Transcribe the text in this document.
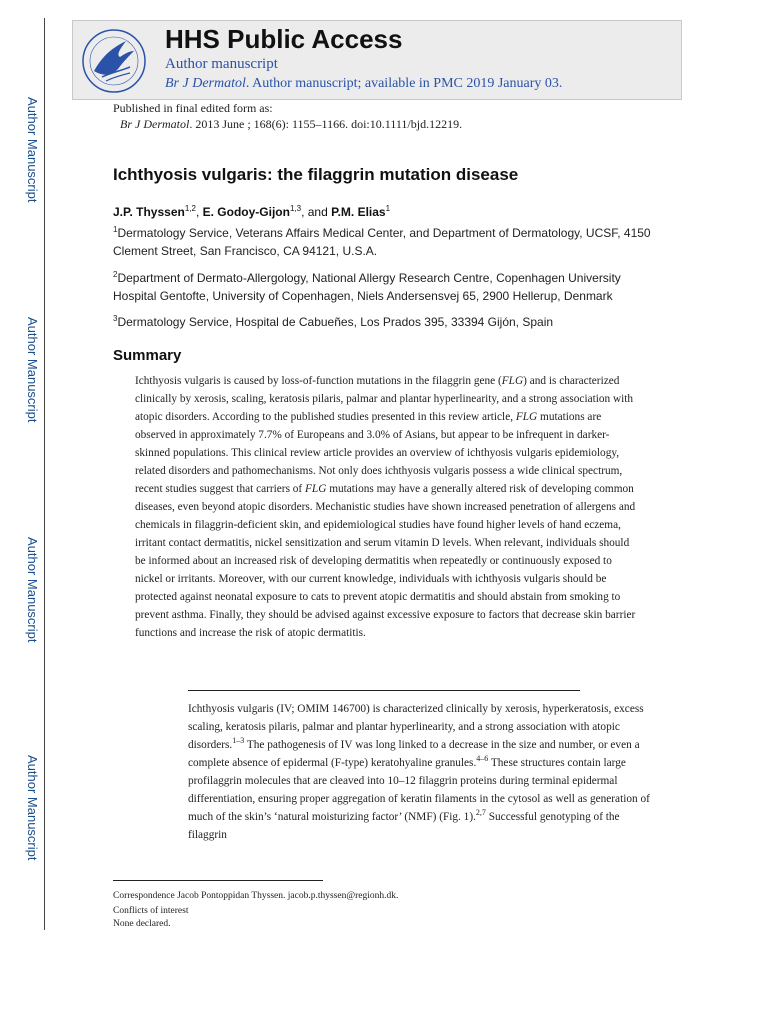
Author Manuscript
Author Manuscript
Author Manuscript
Author Manuscript
HHS Public Access
Author manuscript
Br J Dermatol. Author manuscript; available in PMC 2019 January 03.
Published in final edited form as:
Br J Dermatol. 2013 June ; 168(6): 1155–1166. doi:10.1111/bjd.12219.
Ichthyosis vulgaris: the filaggrin mutation disease
J.P. Thyssen$^{1,2}$, E. Godoy-Gijon$^{1,3}$, and P.M. Elias$^1$
$^1$Dermatology Service, Veterans Affairs Medical Center, and Department of Dermatology, UCSF, 4150 Clement Street, San Francisco, CA 94121, U.S.A.
$^2$Department of Dermato-Allergology, National Allergy Research Centre, Copenhagen University Hospital Gentofte, University of Copenhagen, Niels Andersensvej 65, 2900 Hellerup, Denmark
$^3$Dermatology Service, Hospital de Cabueñes, Los Prados 395, 33394 Gijón, Spain
Summary
Ichthyosis vulgaris is caused by loss-of-function mutations in the filaggrin gene (FLG) and is characterized clinically by xerosis, scaling, keratosis pilaris, palmar and plantar hyperlinearity, and a strong association with atopic disorders. According to the published studies presented in this review article, FLG mutations are observed in approximately 7.7% of Europeans and 3.0% of Asians, but appear to be infrequent in darker-skinned populations. This clinical review article provides an overview of ichthyosis vulgaris epidemiology, related disorders and pathomechanisms. Not only does ichthyosis vulgaris possess a wide clinical spectrum, recent studies suggest that carriers of FLG mutations may have a generally altered risk of developing common diseases, even beyond atopic disorders. Mechanistic studies have shown increased penetration of allergens and chemicals in filaggrin-deficient skin, and epidemiological studies have found higher levels of hand eczema, irritant contact dermatitis, nickel sensitization and serum vitamin D levels. When relevant, individuals should be informed about an increased risk of developing dermatitis when repeatedly or continuously exposed to nickel or irritants. Moreover, with our current knowledge, individuals with ichthyosis vulgaris should be protected against neonatal exposure to cats to prevent atopic dermatitis and should abstain from smoking to prevent asthma. Finally, they should be advised against excessive exposure to factors that decrease skin barrier functions and increase the risk of atopic dermatitis.
Ichthyosis vulgaris (IV; OMIM 146700) is characterized clinically by xerosis, hyperkeratosis, excess scaling, keratosis pilaris, palmar and plantar hyperlinearity, and a strong association with atopic disorders.$^{1-3}$ The pathogenesis of IV was long linked to a decrease in the size and number, or even a complete absence of epidermal (F-type) keratohyaline granules.$^{4-6}$ These structures contain large profilaggrin molecules that are cleaved into 10–12 filaggrin proteins during terminal epidermal differentiation, ensuring proper aggregation of keratin filaments in the cytosol as well as generation of much of the skin’s ‘natural moisturizing factor’ (NMF) (Fig. 1).$^{2,7}$ Successful genotyping of the filaggrin
Correspondence Jacob Pontoppidan Thyssen. jacob.p.thyssen@regionh.dk.
Conflicts of interest
None declared.
